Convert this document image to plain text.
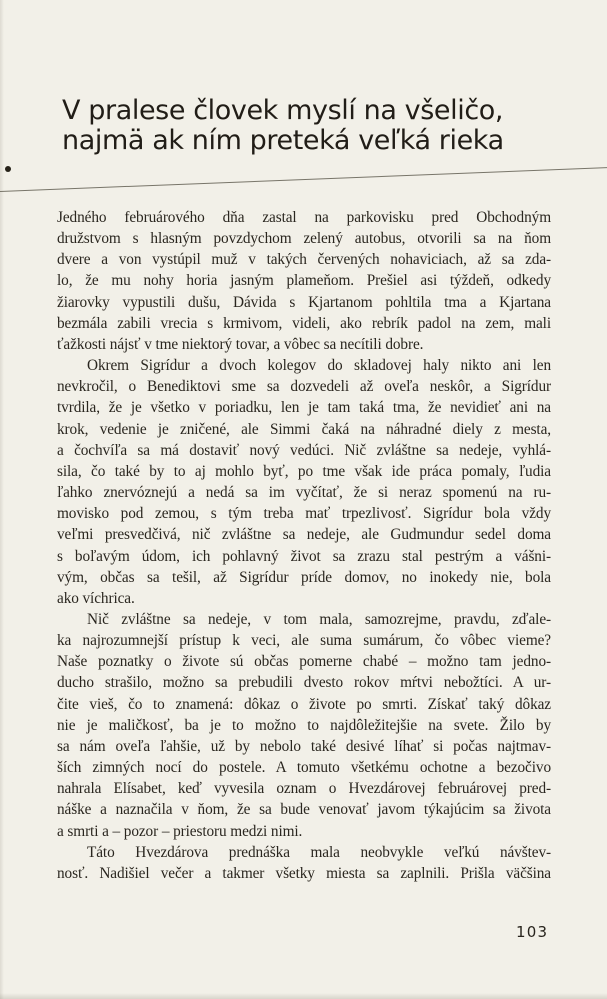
V pralese človek myslí na všeličo,
najmä ak ním preteká veľká rieka

Jedného februárového dňa zastal na parkovisku pred Obchodným
družstvom s hlasným povzdychom zelený autobus, otvorili sa na ňom
dvere a von vystúpil muž v takých červených nohaviciach, až sa zda-
lo, že mu nohy horia jasným plameňom. Prešiel asi týždeň, odkedy
žiarovky vypustili dušu, Dávida s Kjartanom pohltila tma a Kjartana
bezmála zabili vrecia s krmivom, videli, ako rebrík padol na zem, mali
ťažkosti nájsť v tme niektorý tovar, a vôbec sa necítili dobre.

Okrem Sigrídur a dvoch kolegov do skladovej haly nikto ani len
nevkročil, o Benediktovi sme sa dozvedeli až oveľa neskôr, a Sigrídur
tvrdila, že je všetko v poriadku, len je tam taká tma, že nevidieť ani na
krok, vedenie je zničené, ale Simmi čaká na náhradné diely z mesta,
a čochvíľa sa má dostaviť nový vedúci. Nič zvláštne sa nedeje, vyhlá-
sila, čo také by to aj mohlo byť, po tme však ide práca pomaly, ľudia
ľahko znervóznejú a nedá sa im vyčítať, že si neraz spomenú na ru-
movisko pod zemou, s tým treba mať trpezlivosť. Sigrídur bola vždy
veľmi presvedčivá, nič zvláštne sa nedeje, ale Gudmundur sedel doma
s boľavým údom, ich pohlavný život sa zrazu stal pestrým a vášni-
vým, občas sa tešil, až Sigrídur príde domov, no inokedy nie, bola
ako víchrica.

Nič zvláštne sa nedeje, v tom mala, samozrejme, pravdu, zďale-
ka najrozumnejší prístup k veci, ale suma sumárum, čo vôbec vieme?
Naše poznatky o živote sú občas pomerne chabé – možno tam jedno-
ducho strašilo, možno sa prebudili dvesto rokov mŕtvi nebožtíci. A ur-
čite vieš, čo to znamená: dôkaz o živote po smrti. Získať taký dôkaz
nie je maličkosť, ba je to možno to najdôležitejšie na svete. Žilo by
sa nám oveľa ľahšie, už by nebolo také desivé líhať si počas najtmav-
ších zimných nocí do postele. A tomuto všetkému ochotne a bezočivo
nahrala Elísabet, keď vyvesila oznam o Hvezdárovej februárovej pred-
náške a naznačila v ňom, že sa bude venovať javom týkajúcim sa života
a smrti a – pozor – priestoru medzi nimi.

Táto Hvezdárova prednáška mala neobvykle veľkú návštev-
nosť. Nadišiel večer a takmer všetky miesta sa zaplnili. Prišla väčšina

103
